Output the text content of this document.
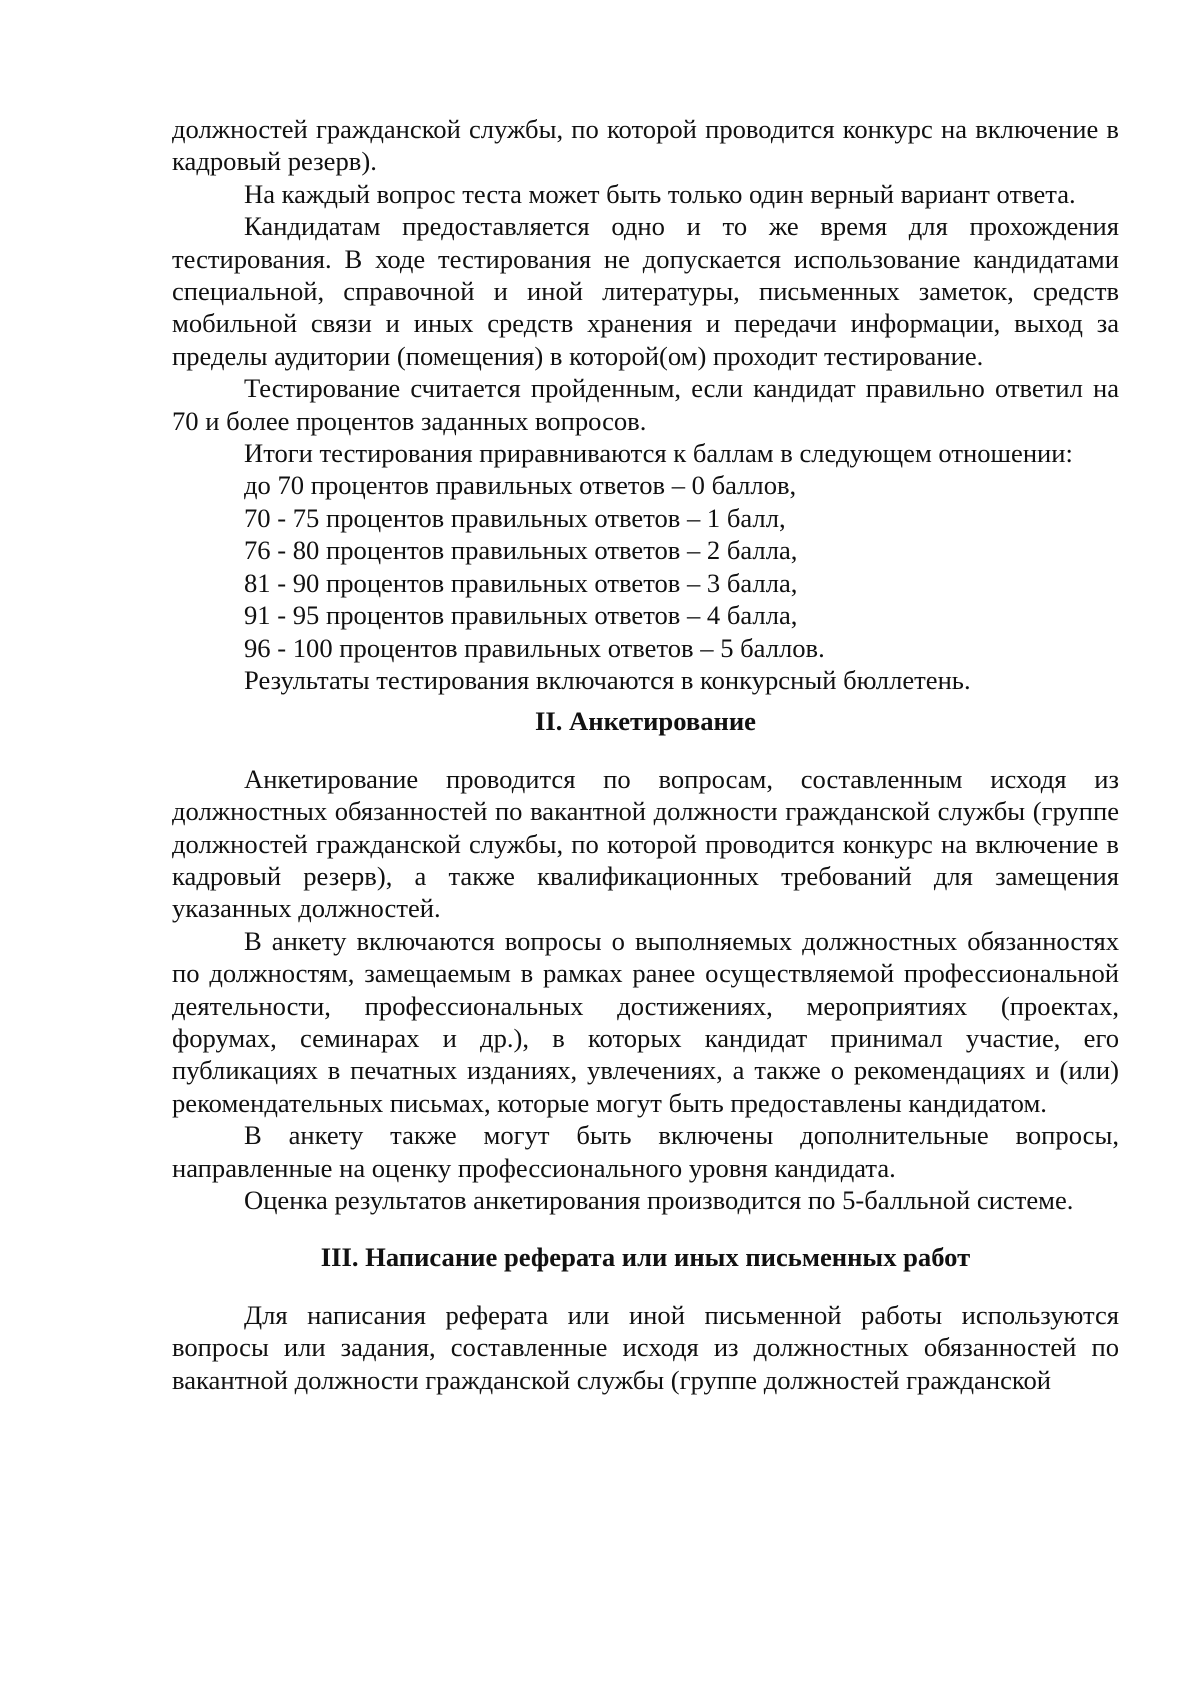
должностей гражданской службы, по которой проводится конкурс на включение в кадровый резерв).

На каждый вопрос теста может быть только один верный вариант ответа.

Кандидатам предоставляется одно и то же время для прохождения тестирования. В ходе тестирования не допускается использование кандидатами специальной, справочной и иной литературы, письменных заметок, средств мобильной связи и иных средств хранения и передачи информации, выход за пределы аудитории (помещения) в которой(ом) проходит тестирование.

Тестирование считается пройденным, если кандидат правильно ответил на 70 и более процентов заданных вопросов.

Итоги тестирования приравниваются к баллам в следующем отношении:

до 70 процентов правильных ответов – 0 баллов,

70 - 75 процентов правильных ответов – 1 балл,

76 - 80 процентов правильных ответов – 2 балла,

81 - 90 процентов правильных ответов – 3 балла,

91 - 95 процентов правильных ответов – 4 балла,

96 - 100 процентов правильных ответов – 5 баллов.

Результаты тестирования включаются в конкурсный бюллетень.

II. Анкетирование

Анкетирование проводится по вопросам, составленным исходя из должностных обязанностей по вакантной должности гражданской службы (группе должностей гражданской службы, по которой проводится конкурс на включение в кадровый резерв), а также квалификационных требований для замещения указанных должностей.

В анкету включаются вопросы о выполняемых должностных обязанностях по должностям, замещаемым в рамках ранее осуществляемой профессиональной деятельности, профессиональных достижениях, мероприятиях (проектах, форумах, семинарах и др.), в которых кандидат принимал участие, его публикациях в печатных изданиях, увлечениях, а также о рекомендациях и (или) рекомендательных письмах, которые могут быть предоставлены кандидатом.

В анкету также могут быть включены дополнительные вопросы, направленные на оценку профессионального уровня кандидата.

Оценка результатов анкетирования производится по 5-балльной системе.

III. Написание реферата или иных письменных работ

Для написания реферата или иной письменной работы используются вопросы или задания, составленные исходя из должностных обязанностей по вакантной должности гражданской службы (группе должностей гражданской
